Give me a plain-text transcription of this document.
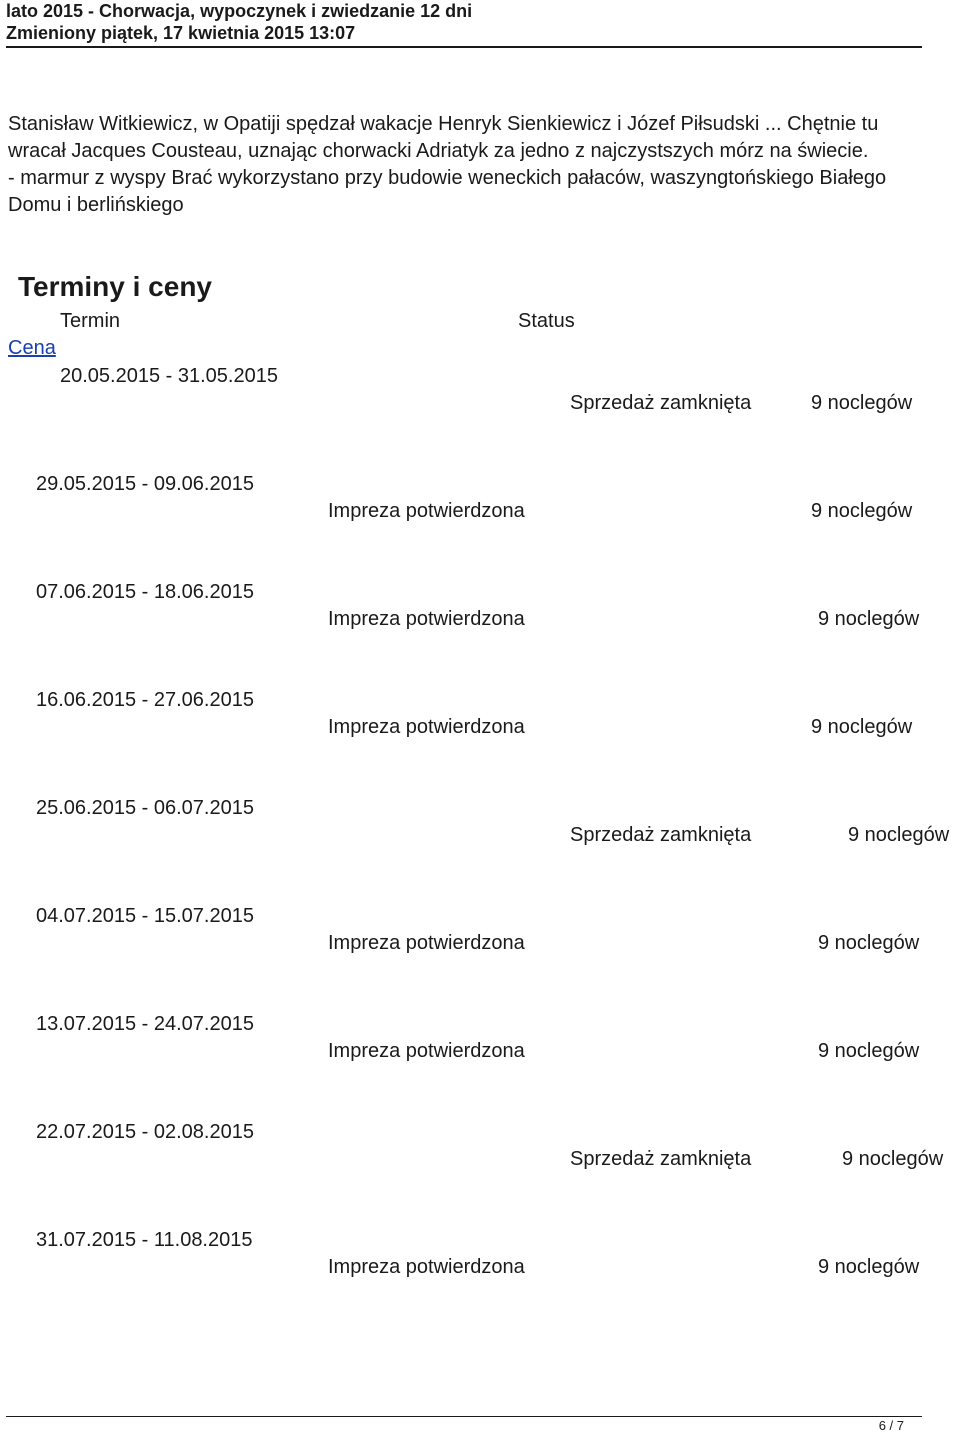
lato 2015 - Chorwacja, wypoczynek i zwiedzanie 12 dni
Zmieniony piątek, 17 kwietnia 2015 13:07

Stanisław Witkiewicz, w Opatiji spędzał wakacje Henryk Sienkiewicz i Józef Piłsudski ... Chętnie tu wracał Jacques Cousteau, uznając chorwacki Adriatyk za jedno z najczystszych mórz na świecie.

- marmur z wyspy Brać wykorzystano przy budowie weneckich pałaców, waszyngtońskiego Białego Domu i berlińskiego

Terminy i ceny
Termin	Status
Cena
20.05.2015 - 31.05.2015
Sprzedaż zamknięta	9 noclegów
29.05.2015 - 09.06.2015
Impreza potwierdzona	9 noclegów
07.06.2015 - 18.06.2015
Impreza potwierdzona	9 noclegów
16.06.2015 - 27.06.2015
Impreza potwierdzona	9 noclegów
25.06.2015 - 06.07.2015
Sprzedaż zamknięta	9 noclegów
04.07.2015 - 15.07.2015
Impreza potwierdzona	9 noclegów
13.07.2015 - 24.07.2015
Impreza potwierdzona	9 noclegów
22.07.2015 - 02.08.2015
Sprzedaż zamknięta	9 noclegów
31.07.2015 - 11.08.2015
Impreza potwierdzona	9 noclegów
6 / 7
